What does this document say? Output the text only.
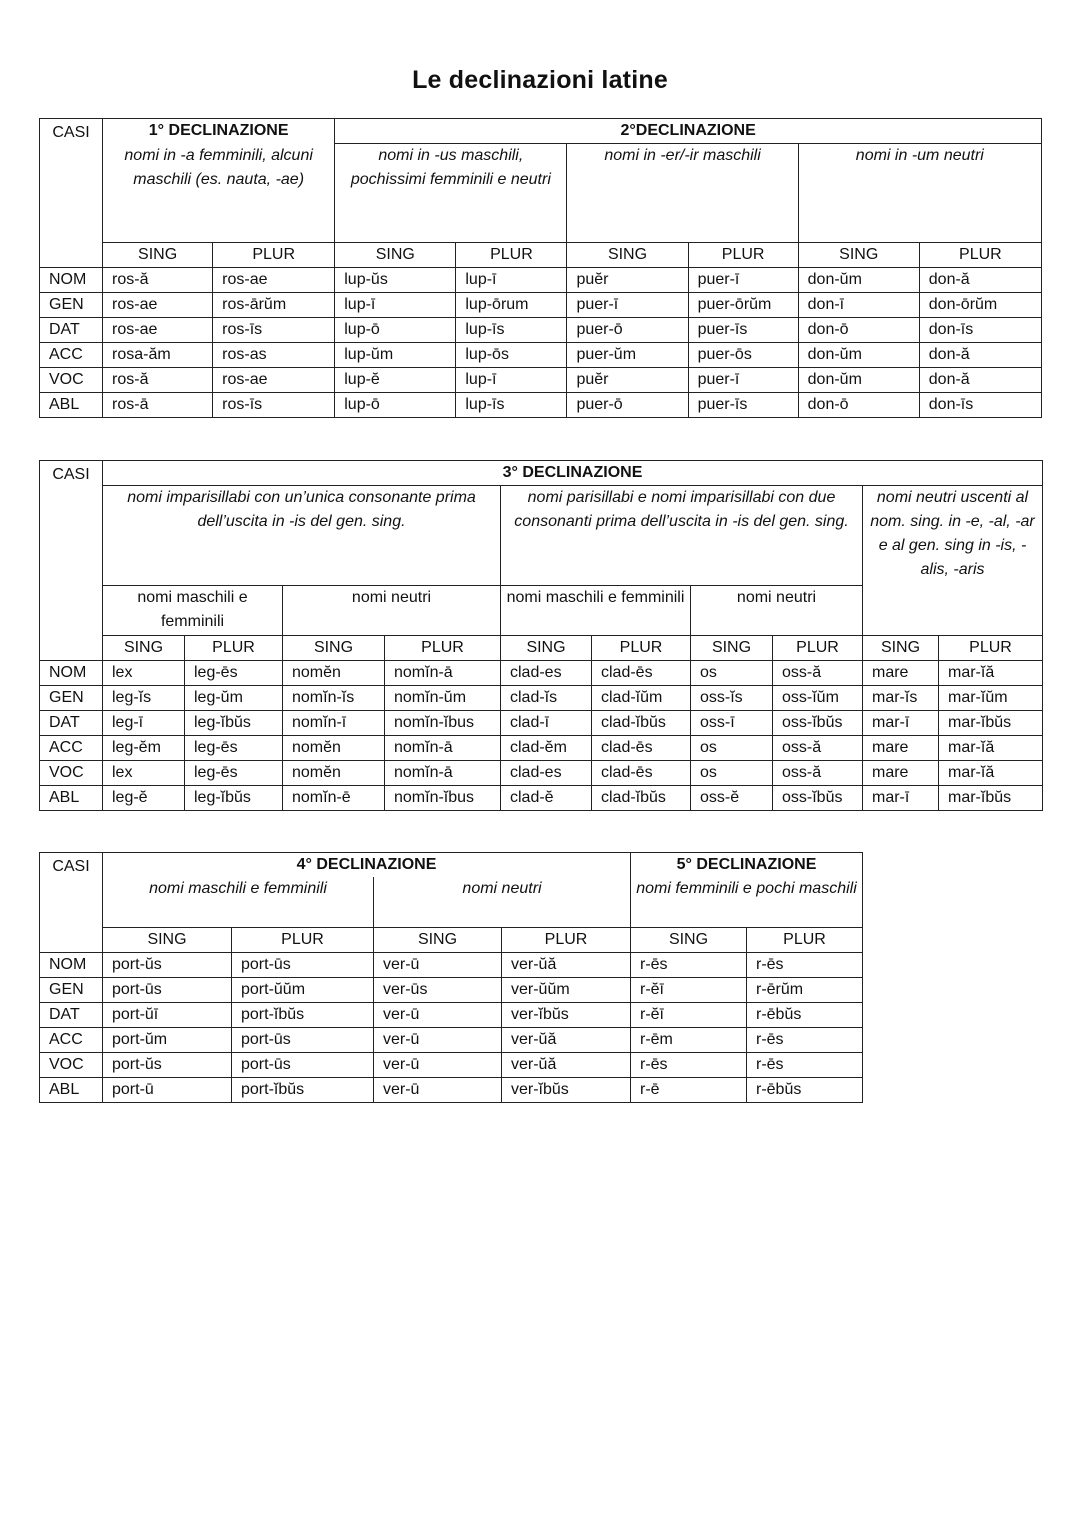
Le declinazioni latine
CASI	1° DECLINAZIONE		2°DECLINAZIONE					
	nomi in -a femminili, alcuni maschili (es. nauta, -ae)		nomi in -us maschili, pochissimi femminili e neutri		nomi in -er/-ir maschili		nomi in -um neutri	
	SING	PLUR	SING	PLUR	SING	PLUR	SING	PLUR
NOM	ros-ă	ros-ae	lup-ŭs	lup-ī	puĕr	puer-ī	don-ŭm	don-ă
GEN	ros-ae	ros-ārŭm	lup-ī	lup-ōrum	puer-ī	puer-ōrŭm	don-ī	don-ōrŭm
DAT	ros-ae	ros-īs	lup-ō	lup-īs	puer-ō	puer-īs	don-ō	don-īs
ACC	rosa-ăm	ros-as	lup-ŭm	lup-ōs	puer-ŭm	puer-ōs	don-ŭm	don-ă
VOC	ros-ă	ros-ae	lup-ĕ	lup-ī	puĕr	puer-ī	don-ŭm	don-ă
ABL	ros-ā	ros-īs	lup-ō	lup-īs	puer-ō	puer-īs	don-ō	don-īs
CASI	3° DECLINAZIONE									
	nomi imparisillabi con un’unica consonante prima dell’uscita in -is del gen. sing.				nomi parisillabi e nomi imparisillabi con due consonanti prima dell’uscita in -is del gen. sing.				nomi neutri uscenti al nom. sing. in -e, -al, -ar e al gen. sing in -is, -alis, -aris	
	nomi maschili e femminili		nomi neutri		nomi maschili e femminili		nomi neutri			
	SING	PLUR	SING	PLUR	SING	PLUR	SING	PLUR	SING	PLUR
NOM	lex	leg-ēs	nomĕn	nomĭn-ā	clad-es	clad-ēs	os	oss-ă	mare	mar-ĭă
GEN	leg-ĭs	leg-ŭm	nomĭn-ĭs	nomĭn-ŭm	clad-ĭs	clad-ĭŭm	oss-ĭs	oss-ĭŭm	mar-ĭs	mar-ĭŭm
DAT	leg-ī	leg-ĭbŭs	nomĭn-ī	nomĭn-ĭbus	clad-ī	clad-ĭbŭs	oss-ī	oss-ĭbŭs	mar-ī	mar-ĭbŭs
ACC	leg-ĕm	leg-ēs	nomĕn	nomĭn-ā	clad-ĕm	clad-ēs	os	oss-ă	mare	mar-ĭă
VOC	lex	leg-ēs	nomĕn	nomĭn-ā	clad-es	clad-ēs	os	oss-ă	mare	mar-ĭă
ABL	leg-ĕ	leg-ĭbŭs	nomĭn-ē	nomĭn-ĭbus	clad-ĕ	clad-ĭbŭs	oss-ĕ	oss-ĭbŭs	mar-ī	mar-ĭbŭs
CASI	4° DECLINAZIONE				5° DECLINAZIONE	
	nomi maschili e femminili		nomi neutri		nomi femminili e pochi maschili	
	SING	PLUR	SING	PLUR	SING	PLUR
NOM	port-ŭs	port-ūs	ver-ū	ver-ŭă	r-ēs	r-ēs
GEN	port-ūs	port-ŭŭm	ver-ūs	ver-ŭŭm	r-ĕī	r-ērŭm
DAT	port-ŭī	port-ĭbŭs	ver-ū	ver-ĭbŭs	r-ĕī	r-ēbŭs
ACC	port-ŭm	port-ūs	ver-ū	ver-ŭă	r-ēm	r-ēs
VOC	port-ŭs	port-ūs	ver-ū	ver-ŭă	r-ēs	r-ēs
ABL	port-ū	port-ĭbŭs	ver-ū	ver-ĭbŭs	r-ē	r-ēbŭs
